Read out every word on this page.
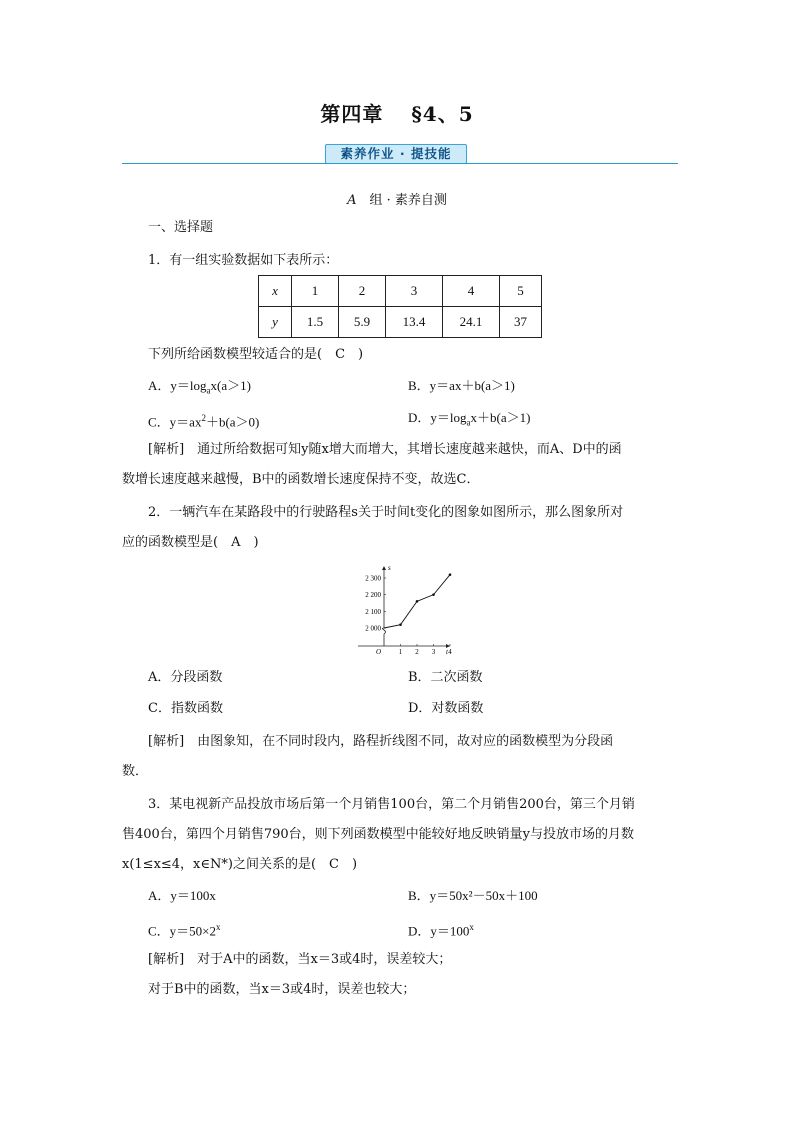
第四章 §4、5
素养作业 · 提技能
A　 组 · 素养自测
一、选择题
1．有一组实验数据如下表所示：
x	1	2	3	4	5
y	1.5	5.9	13.4	24.1	37
下列所给函数模型较适合的是(　C　)
A．$y=\log_ax(a>1)$	B．y＝ax＋b(a＞1)
C．$y=ax^2+b(a>0)$	D．$y=\log_ax+b(a>1)$
[解析]　 通过所给数据可知y随x增大而增大，其增长速度越来越快，而A、D中的函
数增长速度越来越慢，B中的函数增长速度保持不变，故选C．
2．一辆汽车在某路段中的行驶路程s关于时间t变化的图象如图所示，那么图象所对
应的函数模型是(　A　)
s
t
O
2 000
2 100
2 200
2 300
1 2 3 4
A．分段函数	B．二次函数
C．指数函数	D．对数函数
[解析]　 由图象知，在不同时段内，路程折线图不同，故对应的函数模型为分段函
数．
3．某电视新产品投放市场后第一个月销售100台，第二个月销售200台，第三个月销
售400台，第四个月销售790台，则下列函数模型中能较好地反映销量y与投放市场的月数
x(1≤x≤4，x∈N*)之间关系的是(　C　)
A．y＝100x	B．y＝50x²－50x＋100
C．$y=50\times 2^x$	D．$y=100^x$
[解析]　 对于A中的函数，当x＝3或4时，误差较大；
对于B中的函数，当x＝3或4时，误差也较大；
